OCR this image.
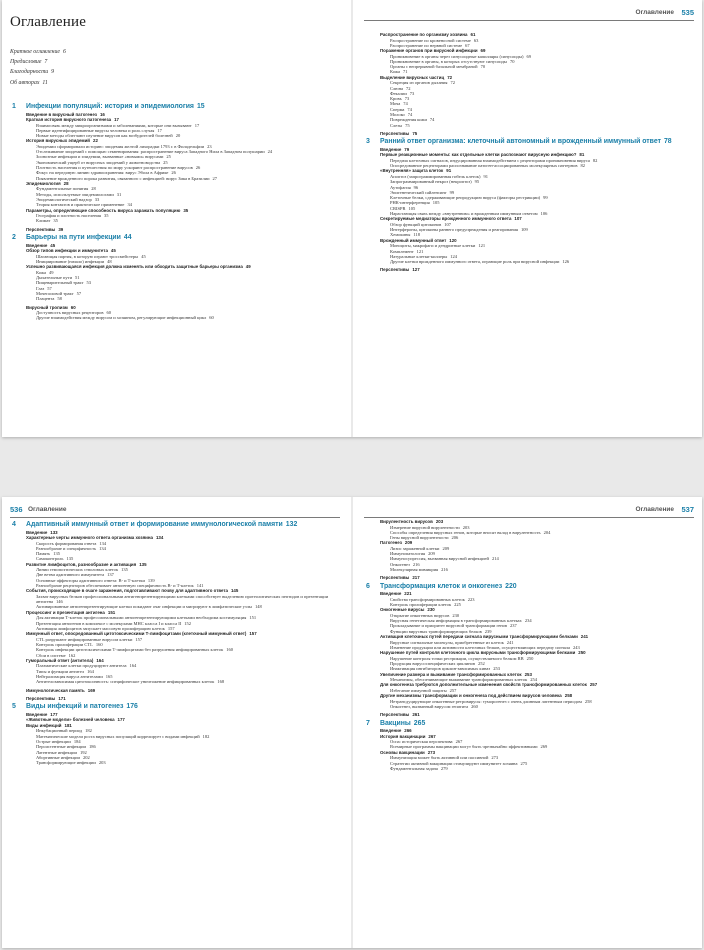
Оглавление
Краткое оглавление 6
Предисловие 7
Благодарности 9
Об авторах 11
1 Инфекции популяций: история и эпидемиология 15
Введение в вирусный патогенез 16
Краткая история вирусного патогенеза 17
Взаимосвязь между микроорганизмами и заболеваниями, которые они вызывают 17
Первые идентифицированные вирусы человека и роль случая 17
Новые методы облегчают изучение вирусов как возбудителей болезней 20
История вирусных эпидемий 22
Эпидемии сформировали историю: эпидемия желтой лихорадки 1793 г. в Филадельфии 23
Отслеживание эпидемий с помощью секвенирования: распространение вируса Западного Нила в Западном полушарии 24
Зоонозные инфекции и эпидемии, вызванные «новыми» вирусами 25
Экономический ущерб от вирусных эпидемий у животноводства 25
Плотность населения и путешествия по миру ускоряют распространение вирусов 26
Фокус на передовую линию здравоохранения: вирус Эбола в Африке 26
Появление врожденного порока развития, связанного с инфекцией: вирус Зика в Бразилии 27
Эпидемиология 28
Фундаментальные понятия 28
Методы, используемые эпидемиологами 31
Эпидемиологический надзор 33
Теория контактов и практическое применение 34
Параметры, определяющие способность вируса заражать популяцию 35
География и плотность населения 35
Климат 35
Перспективы 39
2 Барьеры на пути инфекции 44
Введение 45
Обзор типов инфекции и иммунитета 45
Шагающая партия, в которую играют троссмейстеры 45
Инициирование (начало) инфекции 48
Успешно развивающаяся инфекция должна изменять или обходить защитные барьеры организма 49
Кожа 49
Дыхательные пути 51
Пищеварительный тракт 53
Глаз 57
Мочеполовой тракт 57
Плацента 58
Вирусный тропизм 60
Доступность вирусных рецепторов 60
Другие взаимодействия между вирусом и хозяином, регулирующие инфекционный цикл 60
Оглавление 535
Распространение по организму хозяина 61
Распространение по кровеносной системе 63
Распространение по нервной системе 67
Поражение органов при вирусной инфекции 69
Проникновение в органы через синусоидные капилляры (синусоиды) 69
Проникновение в органы, в которых отсутствуют синусоиды 70
Органы с непрерывной базальной мембраной 70
Кожа 71
Выделение вирусных частиц 72
Секреция из органов дыхания 72
Слюна 72
Фекалии 73
Кровь 73
Моча 74
Сперма 74
Молоко 74
Повреждения кожи 74
Слезы 75
Перспективы 75
3 Ранний ответ организма: клеточный автономный и врожденный иммунный ответ 78
Введение 79
Первые реакционные моменты: как отдельные клетки распознают вирусную инфекцию? 81
Передача клеточных сигналов, индуцированная взаимодействием с рецепторами проникновения вируса 82
Опосредованное рецепторами распознавание патоген-ассоциированных молекулярных паттернов 82
«Внутренняя» защита клеток 91
Апоптоз (запрограммированная гибель клеток) 91
Запрограммированный некроз (некроптоз) 95
Аутофагия 96
Эпигенетический сайленсинг 99
Клеточные белки, сдерживающие репродукцию вируса (факторы рестрикции) 99
РНК-интерференция 105
CRISPR 105
Нарастающая связь между «внутренним» и врожденным иммунным ответом 106
Секретируемые медиаторы врожденного иммунного ответа 107
Обзор функций цитокинов 107
Интерфероны, цитокины раннего предупреждения и реагирования 109
Хемокины 118
Врожденный иммунный ответ 120
Моноциты, макрофаги и дендритные клетки 121
Комплемент 121
Натуральные клетки-киллеры 124
Другие клетки врожденного иммунного ответа, играющие роль при вирусной инфекции 126
Перспективы 127
536 Оглавление
4 Адаптивный иммунный ответ и формирование иммунологической памяти 132
Введение 133
Характерные черты иммунного ответа организма хозяина 134
Скорость формирования ответа 134
Разнообразие и специфичность 134
Память 135
Самоконтроль 135
Развитие лимфоцитов, разнообразие и активация 135
Линии гемопоэтических стволовых клеток 135
Две ветви адаптивного иммунитета 137
Основные эффекторы адаптивного ответа: В- и Т-клетки 139
Разнообразие рецепторов обеспечивает антигенную специфичность В- и Т-клеток 141
События, происходящие в очаге заражения, подготавливают почву для адаптивного ответа 145
Захват вирусных белков профессиональными антигенпрезентирующими клетками способствует выделению протеолитических пептидов и презентации антигена 146
Активированные антигенпрезентирующие клетки покидают очаг инфекции и мигрируют в лимфатические узлы 148
Процессинг и презентация антигена 151
Для активации Т-клеток профессиональными антигенпрезентирующими клетками необходима костимуляция 151
Презентация антигенов в комплексе с молекулами МНС класса I и класса II 152
Активация лимфоцитов запускает массовую пролиферацию клеток 157
Иммунный ответ, опосредованный цитотоксическими Т-лимфоцитами (клеточный иммунный ответ) 157
CTL разрушают инфицированные вирусом клетки 157
Контроль пролиферации CTL 160
Контроль инфекции цитотоксическими Т-лимфоцитами без разрушения инфицированных клеток 160
Сбои в системе 162
Гуморальный ответ (антитела) 164
Плазматические клетки продуцируют антитела 164
Типы и функции антител 164
Нейтрализация вируса антителами 165
Антителозависимая цитотоксичность: специфическое уничтожение инфицированных клеток 168
Иммунологическая память 169
Перспективы 171
5 Виды инфекций и патогенез 176
Введение 177
«Животные модели» болезней человека 177
Виды инфекций 181
Инкубационный период 182
Математические модели роста вирусных популяций коррелирует с видами инфекций 182
Острые инфекции 184
Персистентные инфекции 186
Латентные инфекции 192
Абортивные инфекции 202
Трансформирующие инфекции 203
Оглавление 537
Вирулентность вирусов 203
Измерение вирусной вирулентности 203
Способы определения вирусных генов, которые вносят вклад в вирулентность 204
Гены вирусной вирулентности 206
Патогенез 209
Лизис зараженной клетки 209
Иммунопатология 209
Иммуносупрессия, вызванная вирусной инфекцией 214
Онкогенез 216
Молекулярная мимикрия 216
Перспективы 217
6 Трансформация клеток и онкогенез 220
Введение 221
Свойства трансформированных клеток 223
Контроль пролиферации клеток 225
Онкогенные вирусы 230
Открытие онкогенных вирусов 230
Вирусная генетическая информация в трансформированных клетках 234
Прокладывание и приоритет вирусной трансформации генов 237
Функции вирусных трансформирующих белков 239
Активация клеточных путей передачи сигнала вирусными трансформирующими белками 241
Вирусные сигнальные молекулы, приобретенные из клеток 241
Изменение продукции или активности клеточных белков, осуществляющих передачу сигнала 243
Нарушение путей контроля клеточного цикла вирусными трансформирующими белками 250
Нарушение контроля точки рестрикции, осуществляемого белком RB 250
Продукция вирусоспецифических циклинов 252
Инактивация ингибиторов циклин-зависимых киназ 253
Увеличение размера и выживание трансформированных клеток 253
Механизмы, обеспечивающие выживание трансформированных клеток 254
Для онкогенеза требуются дополнительные изменения свойств трансформированных клеток 257
Избегание иммунной защиты 257
Другие механизмы трансформации и онкогенеза под действием вирусов человека 258
Нетрансдуцирующие онкогенные ретровирусы: туморогенез с очень длинным латентным периодом 258
Онкогенез, вызванный вирусом гепатита 260
Перспективы 261
7 Вакцины 265
Введение 266
История вакцинации 267
Оспа: историческая перспектива 267
Всемирные программы вакцинации могут быть чрезвычайно эффективными 269
Основы вакцинации 273
Иммунизация может быть активной или пассивной 273
Стратегии активной вакцинации стимулируют иммунитет хозяина 275
Фундаментальная задача 279
